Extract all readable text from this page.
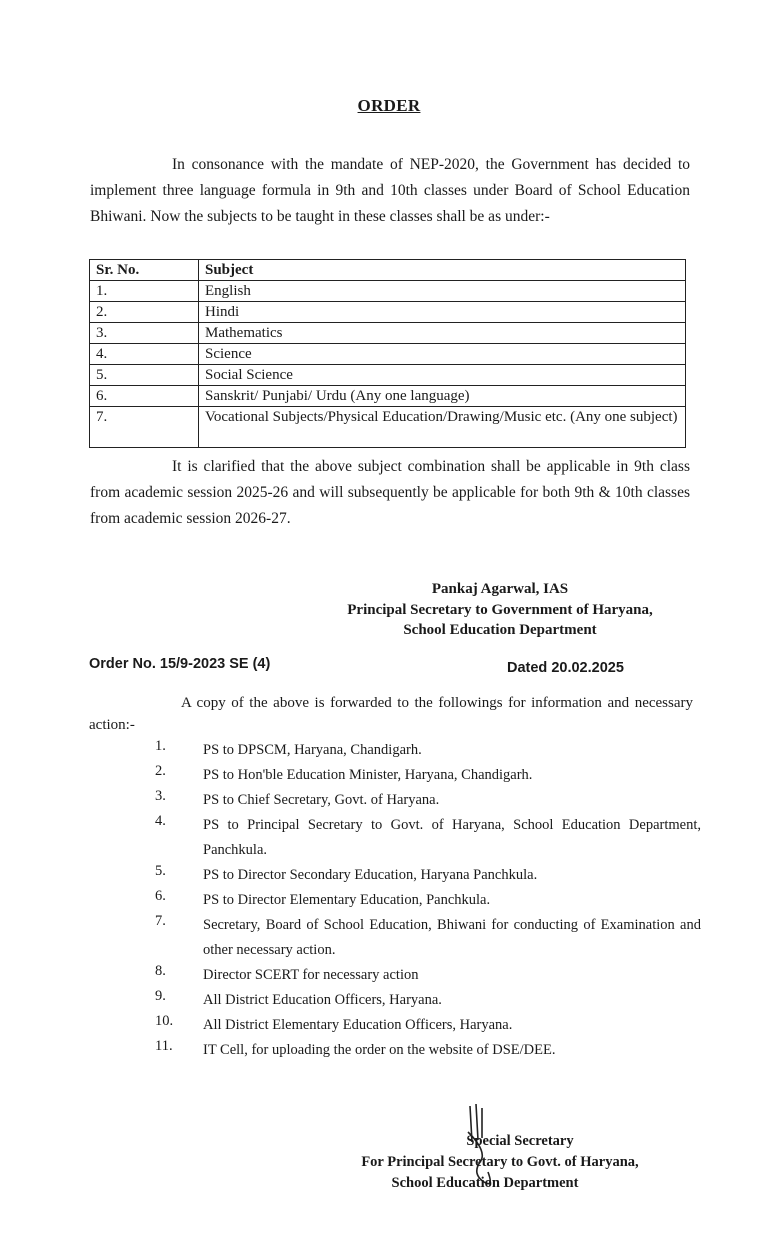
ORDER

In consonance with the mandate of NEP-2020, the Government has decided to implement three language formula in 9th and 10th classes under Board of School Education Bhiwani. Now the subjects to be taught in these classes shall be as under:-

Sr. No.	Subject
1.	English
2.	Hindi
3.	Mathematics
4.	Science
5.	Social Science
6.	Sanskrit/ Punjabi/ Urdu (Any one language)
7.	Vocational Subjects/Physical Education/Drawing/Music etc. (Any one subject)

It is clarified that the above subject combination shall be applicable in 9th class from academic session 2025-26 and will subsequently be applicable for both 9th & 10th classes from academic session 2026-27.

Pankaj Agarwal, IAS
Principal Secretary to Government of Haryana,
School Education Department
Order No. 15/9-2023 SE (4)	Dated 20.02.2025
A copy of the above is forwarded to the followings for information and necessary action:-
1.	PS to DPSCM, Haryana, Chandigarh.
2.	PS to Hon'ble Education Minister, Haryana, Chandigarh.
3.	PS to Chief Secretary, Govt. of Haryana.
4.	PS to Principal Secretary to Govt. of Haryana, School Education Department, Panchkula.
5.	PS to Director Secondary Education, Haryana Panchkula.
6.	PS to Director Elementary Education, Panchkula.
7.	Secretary, Board of School Education, Bhiwani for conducting of Examination and other necessary action.
8.	Director SCERT for necessary action
9.	All District Education Officers, Haryana.
10.	All District Elementary Education Officers, Haryana.
11.	IT Cell, for uploading the order on the website of DSE/DEE.
Special Secretary
For Principal Secretary to Govt. of Haryana,
School Education Department
